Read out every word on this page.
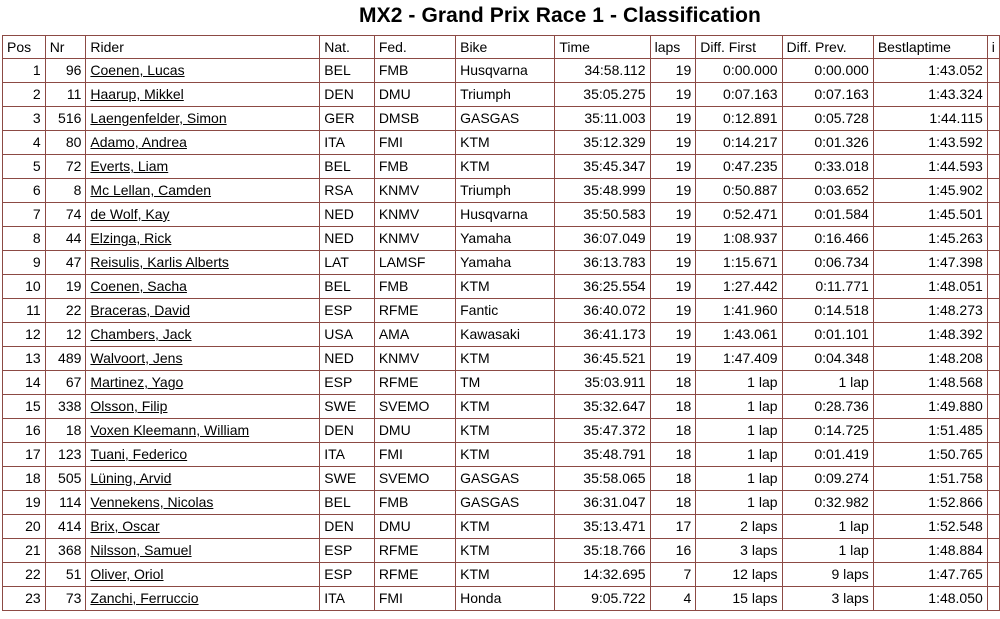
MX2 - Grand Prix Race 1 - Classification
Pos	Nr	Rider	Nat.	Fed.	Bike	Time	laps	Diff. First	Diff. Prev.	Bestlaptime	i
1	96	Coenen, Lucas	BEL	FMB	Husqvarna	34:58.112	19	0:00.000	0:00.000	1:43.052	
2	11	Haarup, Mikkel	DEN	DMU	Triumph	35:05.275	19	0:07.163	0:07.163	1:43.324	
3	516	Laengenfelder, Simon	GER	DMSB	GASGAS	35:11.003	19	0:12.891	0:05.728	1:44.115	
4	80	Adamo, Andrea	ITA	FMI	KTM	35:12.329	19	0:14.217	0:01.326	1:43.592	
5	72	Everts, Liam	BEL	FMB	KTM	35:45.347	19	0:47.235	0:33.018	1:44.593	
6	8	Mc Lellan, Camden	RSA	KNMV	Triumph	35:48.999	19	0:50.887	0:03.652	1:45.902	
7	74	de Wolf, Kay	NED	KNMV	Husqvarna	35:50.583	19	0:52.471	0:01.584	1:45.501	
8	44	Elzinga, Rick	NED	KNMV	Yamaha	36:07.049	19	1:08.937	0:16.466	1:45.263	
9	47	Reisulis, Karlis Alberts	LAT	LAMSF	Yamaha	36:13.783	19	1:15.671	0:06.734	1:47.398	
10	19	Coenen, Sacha	BEL	FMB	KTM	36:25.554	19	1:27.442	0:11.771	1:48.051	
11	22	Braceras, David	ESP	RFME	Fantic	36:40.072	19	1:41.960	0:14.518	1:48.273	
12	12	Chambers, Jack	USA	AMA	Kawasaki	36:41.173	19	1:43.061	0:01.101	1:48.392	
13	489	Walvoort, Jens	NED	KNMV	KTM	36:45.521	19	1:47.409	0:04.348	1:48.208	
14	67	Martinez, Yago	ESP	RFME	TM	35:03.911	18	1 lap	1 lap	1:48.568	
15	338	Olsson, Filip	SWE	SVEMO	KTM	35:32.647	18	1 lap	0:28.736	1:49.880	
16	18	Voxen Kleemann, William	DEN	DMU	KTM	35:47.372	18	1 lap	0:14.725	1:51.485	
17	123	Tuani, Federico	ITA	FMI	KTM	35:48.791	18	1 lap	0:01.419	1:50.765	
18	505	Lüning, Arvid	SWE	SVEMO	GASGAS	35:58.065	18	1 lap	0:09.274	1:51.758	
19	114	Vennekens, Nicolas	BEL	FMB	GASGAS	36:31.047	18	1 lap	0:32.982	1:52.866	
20	414	Brix, Oscar	DEN	DMU	KTM	35:13.471	17	2 laps	1 lap	1:52.548	
21	368	Nilsson, Samuel	ESP	RFME	KTM	35:18.766	16	3 laps	1 lap	1:48.884	
22	51	Oliver, Oriol	ESP	RFME	KTM	14:32.695	7	12 laps	9 laps	1:47.765	
23	73	Zanchi, Ferruccio	ITA	FMI	Honda	9:05.722	4	15 laps	3 laps	1:48.050	
